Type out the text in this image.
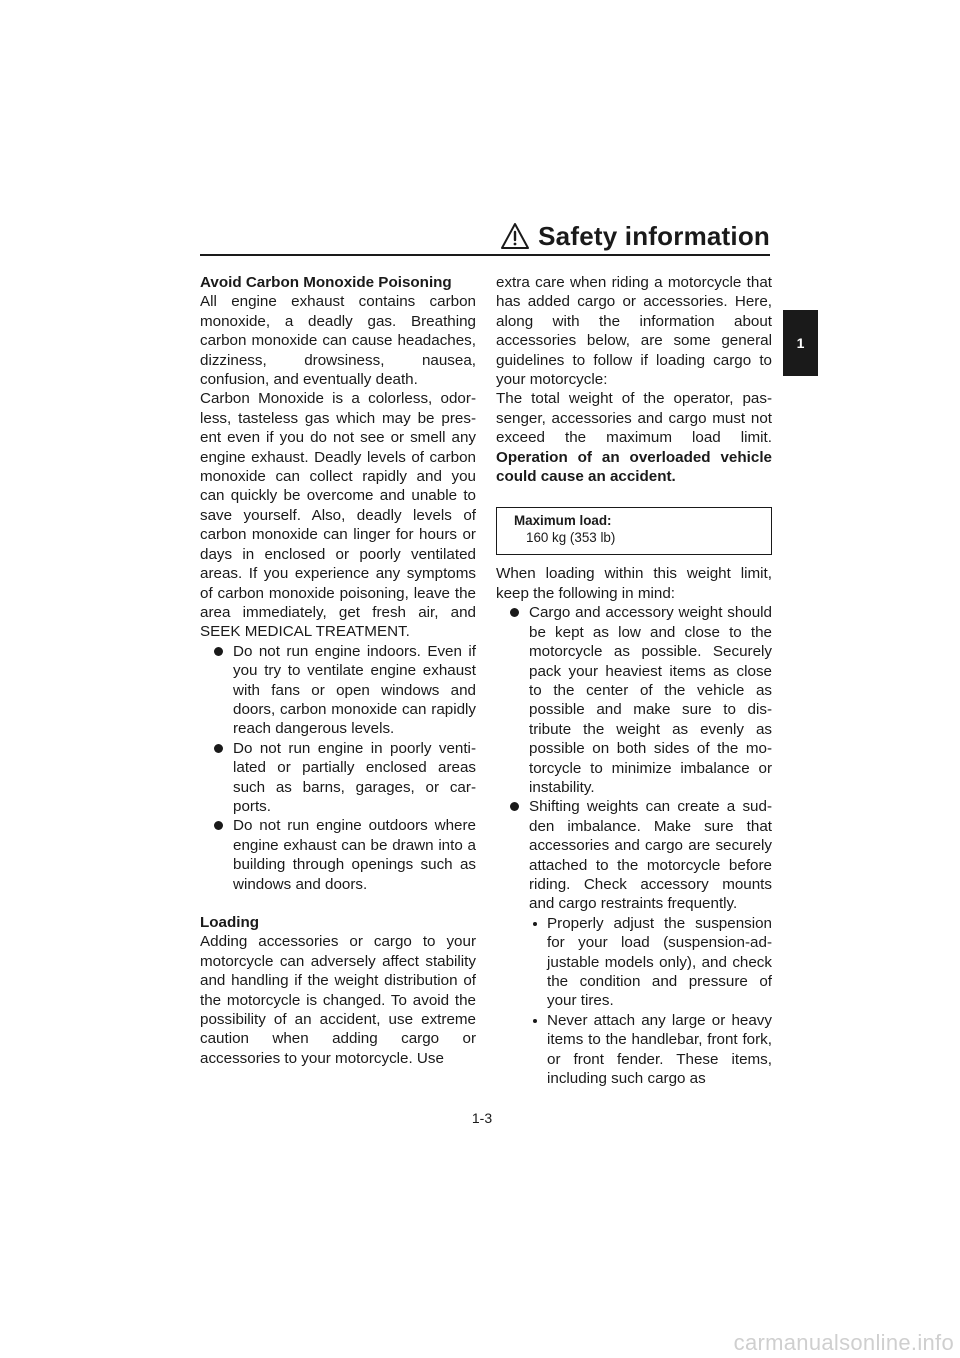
Safety information
1

Avoid Carbon Monoxide Poisoning

All engine exhaust contains carbon monoxide, a deadly gas. Breathing carbon monoxide can cause headaches, dizziness, drowsiness, nausea, confusion, and eventually death.

Carbon Monoxide is a colorless, odorless, tasteless gas which may be present even if you do not see or smell any engine exhaust. Deadly levels of carbon monoxide can collect rapidly and you can quickly be overcome and unable to save yourself. Also, deadly levels of carbon monoxide can linger for hours or days in enclosed or poorly ventilated areas. If you experience any symptoms of carbon monoxide poisoning, leave the area immediately, get fresh air, and SEEK MEDICAL TREATMENT.

Do not run engine indoors. Even if you try to ventilate engine exhaust with fans or open windows and doors, carbon monoxide can rapidly reach dangerous levels.
Do not run engine in poorly ventilated or partially enclosed areas such as barns, garages, or carports.
Do not run engine outdoors where engine exhaust can be drawn into a building through openings such as windows and doors.

Loading

Adding accessories or cargo to your motorcycle can adversely affect stability and handling if the weight distribution of the motorcycle is changed. To avoid the possibility of an accident, use extreme caution when adding cargo or accessories to your motorcycle. Use

extra care when riding a motorcycle that has added cargo or accessories. Here, along with the information about accessories below, are some general guidelines to follow if loading cargo to your motorcycle:

The total weight of the operator, passenger, accessories and cargo must not exceed the maximum load limit. Operation of an overloaded vehicle could cause an accident.

Maximum load:
160 kg (353 lb)

When loading within this weight limit, keep the following in mind:

Cargo and accessory weight should be kept as low and close to the motorcycle as possible. Securely pack your heaviest items as close to the center of the vehicle as possible and make sure to distribute the weight as evenly as possible on both sides of the motorcycle to minimize imbalance or instability.
Shifting weights can create a sudden imbalance. Make sure that accessories and cargo are securely attached to the motorcycle before riding. Check accessory mounts and cargo restraints frequently.
Properly adjust the suspension for your load (suspension-adjustable models only), and check the condition and pressure of your tires.
Never attach any large or heavy items to the handlebar, front fork, or front fender. These items, including such cargo as
1-3
carmanualsonline.info
